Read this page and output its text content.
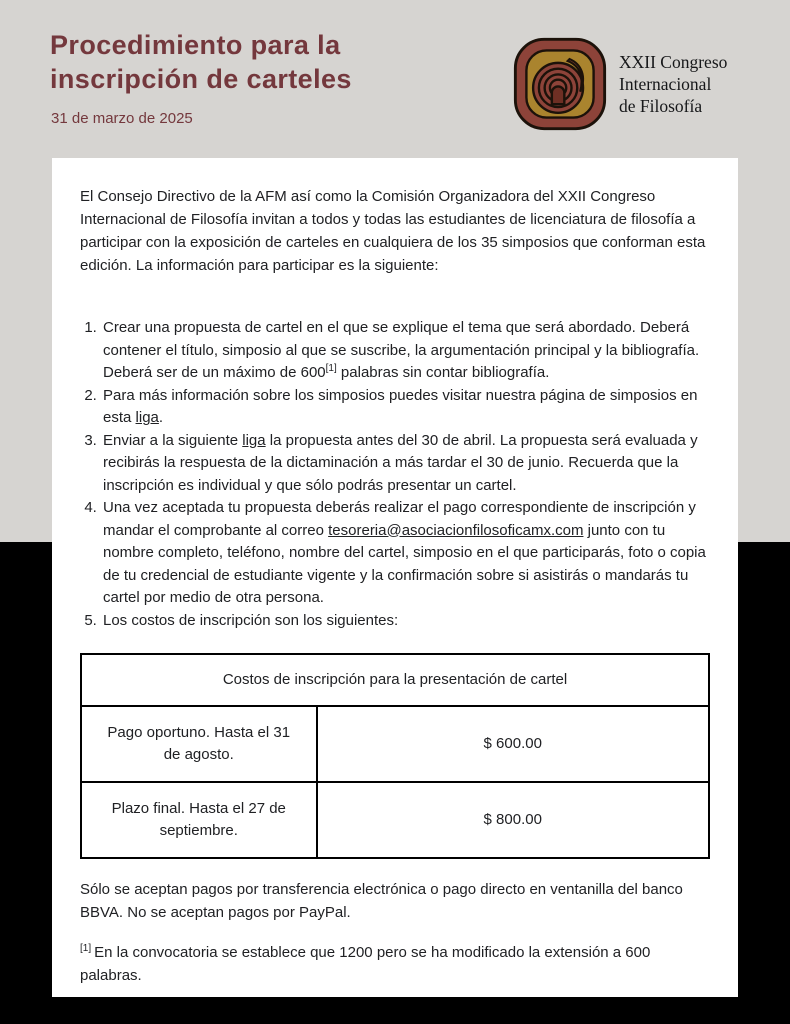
Procedimiento para la inscripción de carteles
31 de marzo de 2025
XXII Congreso
Internacional
de Filosofía

El Consejo Directivo de la AFM así como la Comisión Organizadora del XXII Congreso Internacional de Filosofía invitan a todos y todas las estudiantes de licenciatura de filosofía a participar con la exposición de carteles en cualquiera de los 35 simposios que conforman esta edición. La información para participar es la siguiente:

1. Crear una propuesta de cartel en el que se explique el tema que será abordado. Deberá contener el título, simposio al que se suscribe, la argumentación principal y la bibliografía. Deberá ser de un máximo de 600[1] palabras sin contar bibliografía.
2. Para más información sobre los simposios puedes visitar nuestra página de simposios en esta liga.
3. Enviar a la siguiente liga la propuesta antes del 30 de abril. La propuesta será evaluada y recibirás la respuesta de la dictaminación a más tardar el 30 de junio. Recuerda que la inscripción es individual y que sólo podrás presentar un cartel.
4. Una vez aceptada tu propuesta deberás realizar el pago correspondiente de inscripción y mandar el comprobante al correo tesoreria@asociacionfilosoficamx.com junto con tu nombre completo, teléfono, nombre del cartel, simposio en el que participarás, foto o copia de tu credencial de estudiante vigente y la confirmación sobre si asistirás o mandarás tu cartel por medio de otra persona.
5. Los costos de inscripción son los siguientes:
Costos de inscripción para la presentación de cartel	
Pago oportuno. Hasta el 31 de agosto.	$ 600.00
Plazo final. Hasta el 27 de septiembre.	$ 800.00

Sólo se aceptan pagos por transferencia electrónica o pago directo en ventanilla del banco BBVA. No se aceptan pagos por PayPal.

[1] En la convocatoria se establece que 1200 pero se ha modificado la extensión a 600 palabras.
